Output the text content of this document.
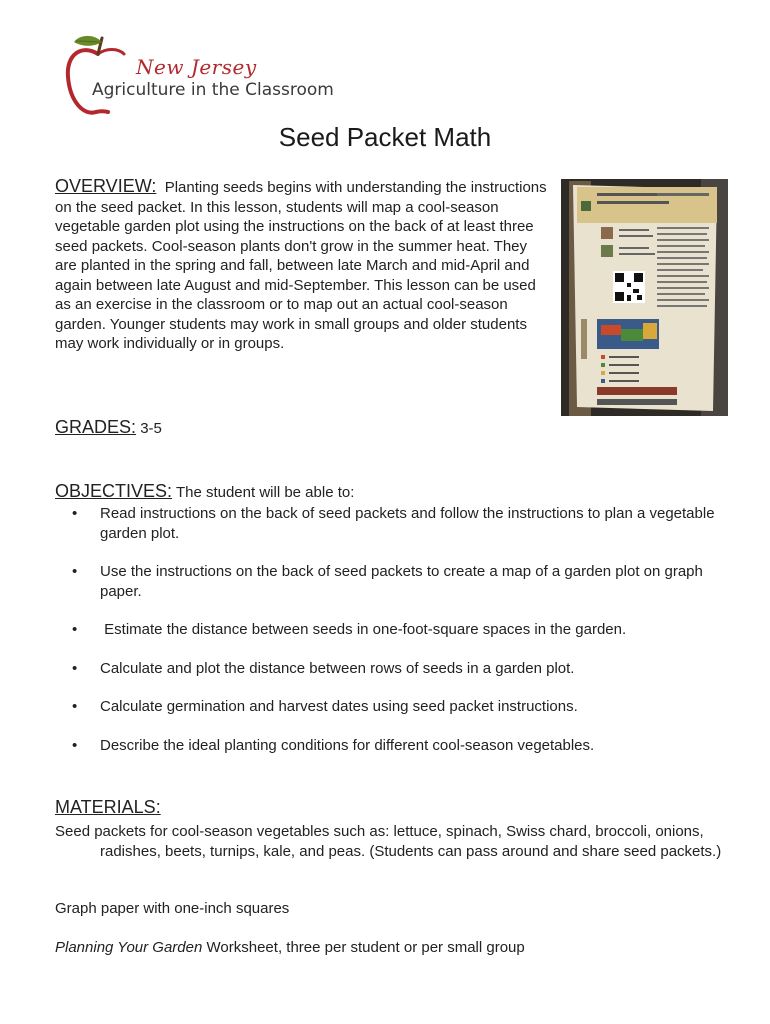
New Jersey
Agriculture in the Classroom
Seed Packet Math
OVERVIEW: Planting seeds begins with understanding the instructions on the seed packet. In this lesson, students will map a cool-season vegetable garden plot using the instructions on the back of at least three seed packets. Cool-season plants don't grow in the summer heat. They are planted in the spring and fall, between late March and mid-April and again between late August and mid-September. This lesson can be used as an exercise in the classroom or to map out an actual cool-season garden. Younger students may work in small groups and older students may work individually or in groups.
GRADES: 3-5
OBJECTIVES: The student will be able to:
• Read instructions on the back of seed packets and follow the instructions to plan a vegetable garden plot.
• Use the instructions on the back of seed packets to create a map of a garden plot on graph paper.
• Estimate the distance between seeds in one-foot-square spaces in the garden.
• Calculate and plot the distance between rows of seeds in a garden plot.
• Calculate germination and harvest dates using seed packet instructions.
• Describe the ideal planting conditions for different cool-season vegetables.
MATERIALS:
Seed packets for cool-season vegetables such as: lettuce, spinach, Swiss chard, broccoli, onions, radishes, beets, turnips, kale, and peas. (Students can pass around and share seed packets.)
Graph paper with one-inch squares
Planning Your Garden Worksheet, three per student or per small group
